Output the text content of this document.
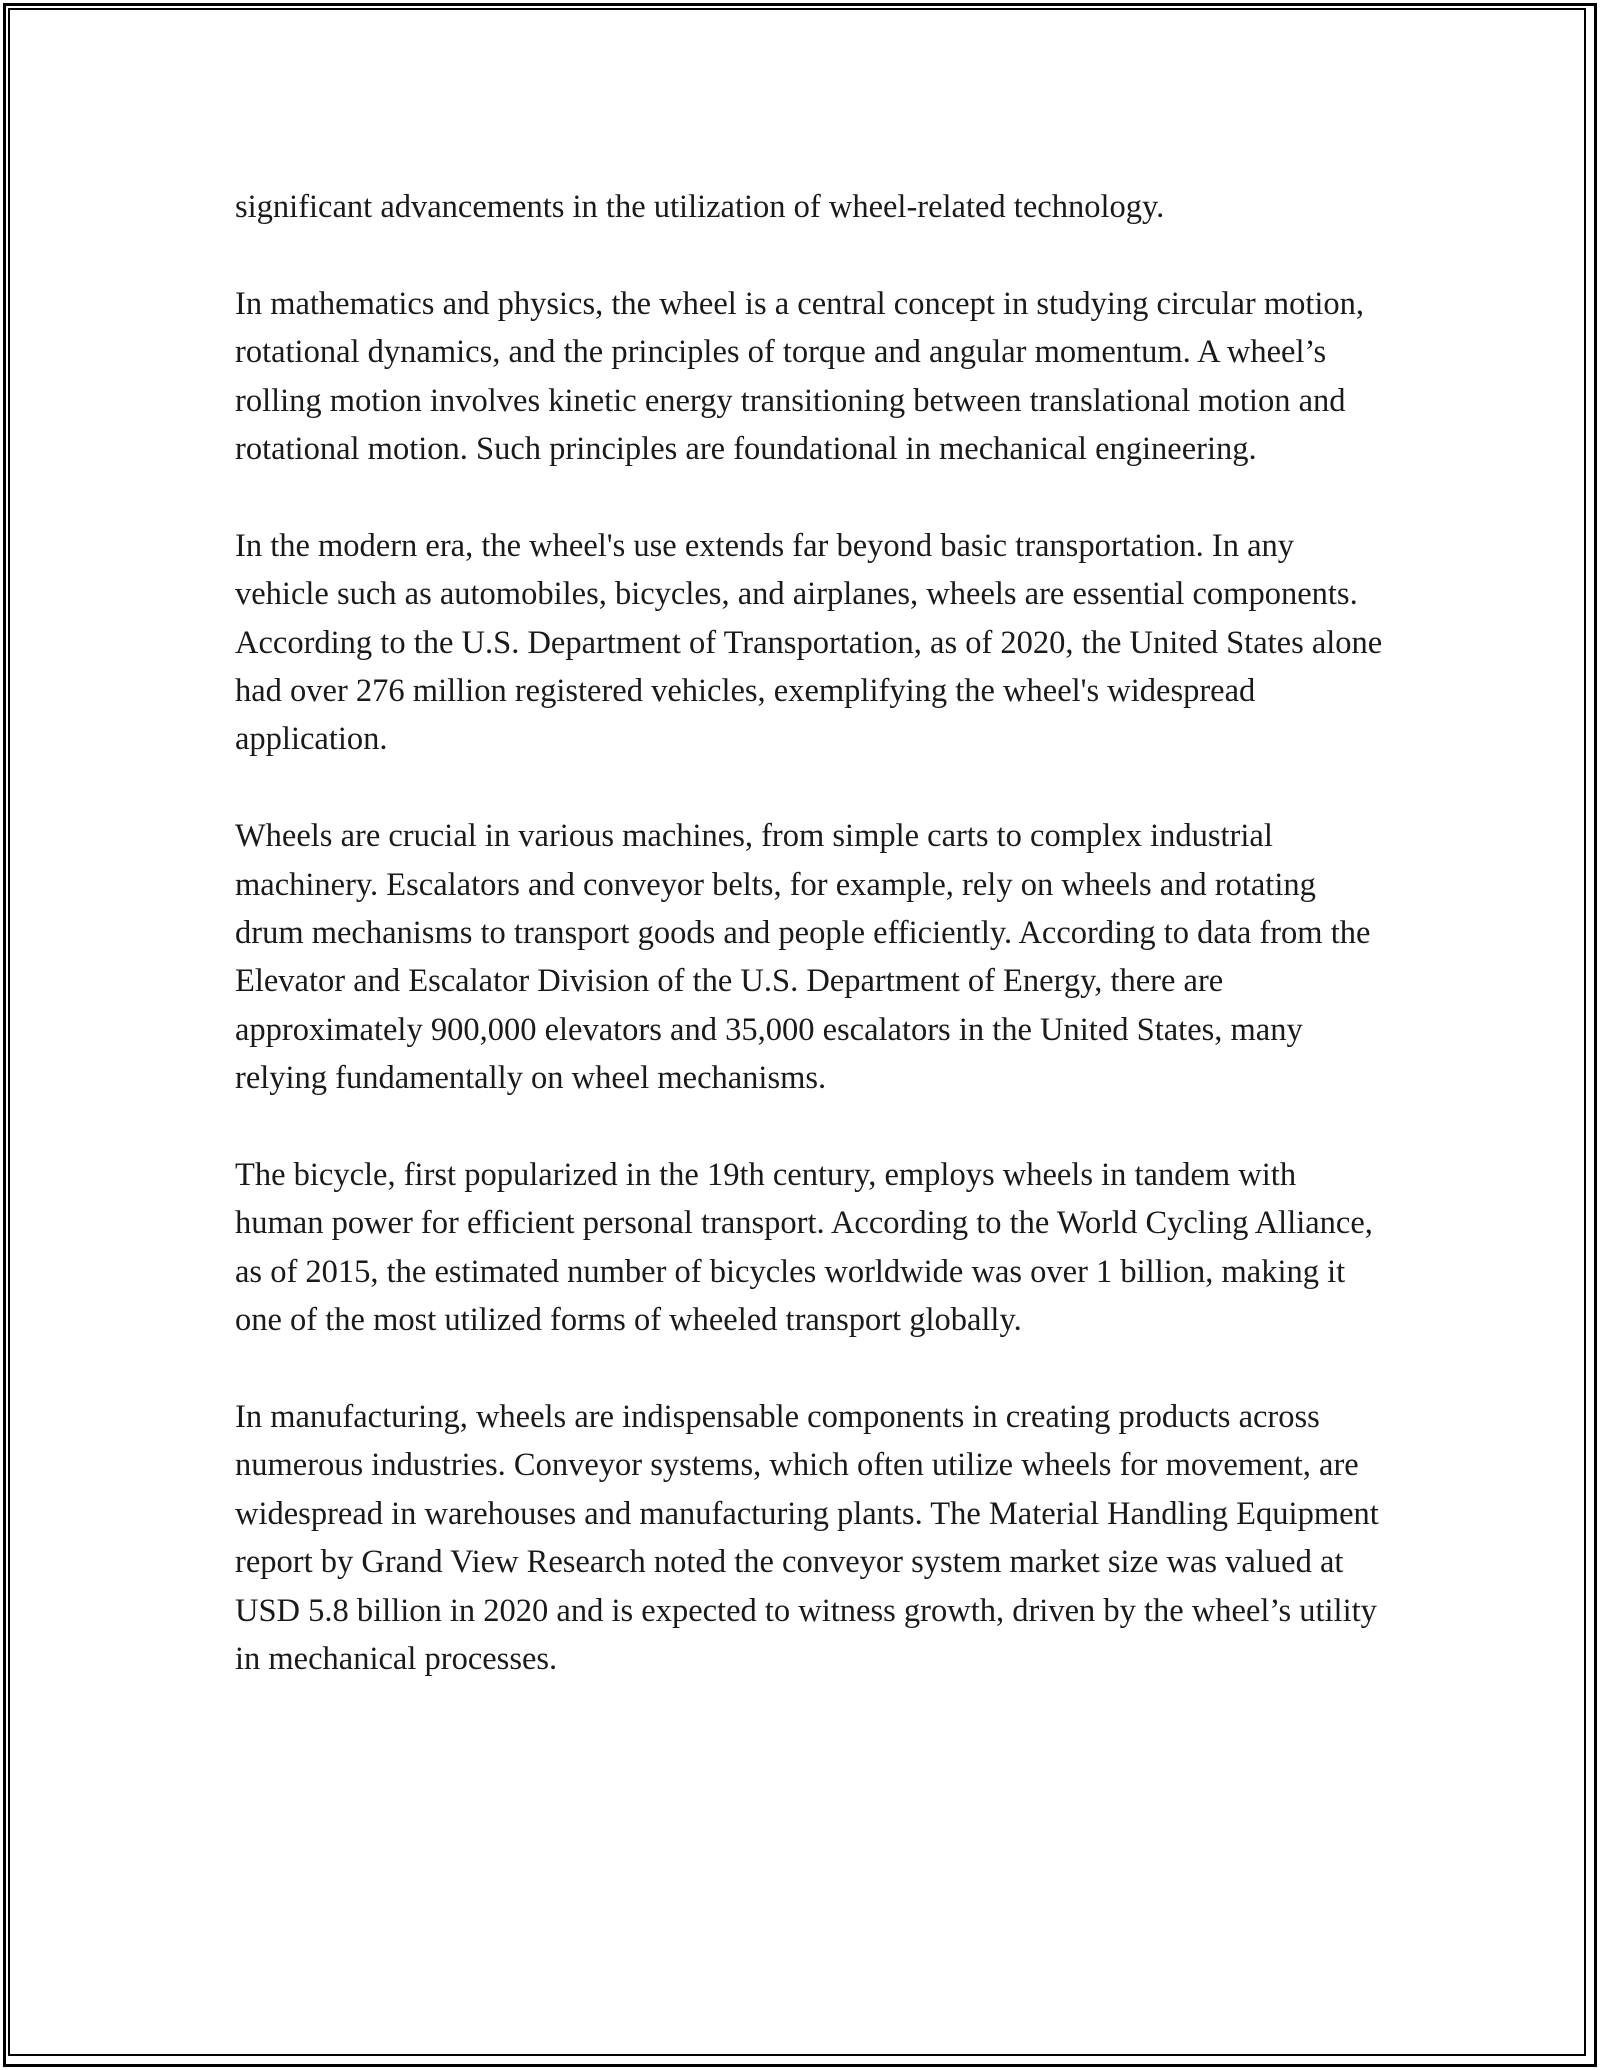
significant advancements in the utilization of wheel-related technology.

In mathematics and physics, the wheel is a central concept in studying circular motion, rotational dynamics, and the principles of torque and angular momentum. A wheel’s rolling motion involves kinetic energy transitioning between translational motion and rotational motion. Such principles are foundational in mechanical engineering.

In the modern era, the wheel's use extends far beyond basic transportation. In any vehicle such as automobiles, bicycles, and airplanes, wheels are essential components. According to the U.S. Department of Transportation, as of 2020, the United States alone had over 276 million registered vehicles, exemplifying the wheel's widespread application.

Wheels are crucial in various machines, from simple carts to complex industrial machinery. Escalators and conveyor belts, for example, rely on wheels and rotating drum mechanisms to transport goods and people efficiently. According to data from the Elevator and Escalator Division of the U.S. Department of Energy, there are approximately 900,000 elevators and 35,000 escalators in the United States, many relying fundamentally on wheel mechanisms.

The bicycle, first popularized in the 19th century, employs wheels in tandem with human power for efficient personal transport. According to the World Cycling Alliance, as of 2015, the estimated number of bicycles worldwide was over 1 billion, making it one of the most utilized forms of wheeled transport globally.

In manufacturing, wheels are indispensable components in creating products across numerous industries. Conveyor systems, which often utilize wheels for movement, are widespread in warehouses and manufacturing plants. The Material Handling Equipment report by Grand View Research noted the conveyor system market size was valued at USD 5.8 billion in 2020 and is expected to witness growth, driven by the wheel’s utility in mechanical processes.
